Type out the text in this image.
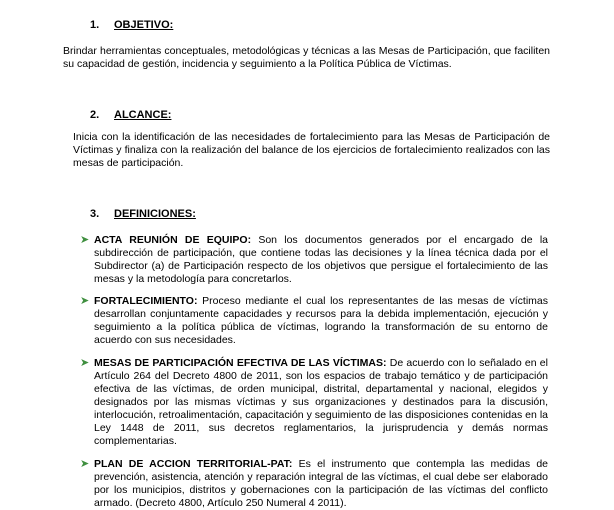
1. OBJETIVO:
Brindar herramientas conceptuales, metodológicas y técnicas a las Mesas de Participación, que faciliten su capacidad de gestión, incidencia y seguimiento a la Política Pública de Víctimas.
2. ALCANCE:
Inicia con la identificación de las necesidades de fortalecimiento para las Mesas de Participación de Víctimas y finaliza con la realización del balance de los ejercicios de fortalecimiento realizados con las mesas de participación.
3. DEFINICIONES:
➤ ACTA REUNIÓN DE EQUIPO: Son los documentos generados por el encargado de la subdirección de participación, que contiene todas las decisiones y la línea técnica dada por el Subdirector (a) de Participación respecto de los objetivos que persigue el fortalecimiento de las mesas y la metodología para concretarlos.
➤ FORTALECIMIENTO: Proceso mediante el cual los representantes de las mesas de víctimas desarrollan conjuntamente capacidades y recursos para la debida implementación, ejecución y seguimiento a la política pública de víctimas, logrando la transformación de su entorno de acuerdo con sus necesidades.
➤ MESAS DE PARTICIPACIÓN EFECTIVA DE LAS VÍCTIMAS: De acuerdo con lo señalado en el Artículo 264 del Decreto 4800 de 2011, son los espacios de trabajo temático y de participación efectiva de las víctimas, de orden municipal, distrital, departamental y nacional, elegidos y designados por las mismas víctimas y sus organizaciones y destinados para la discusión, interlocución, retroalimentación, capacitación y seguimiento de las disposiciones contenidas en la Ley 1448 de 2011, sus decretos reglamentarios, la jurisprudencia y demás normas complementarias.
➤ PLAN DE ACCION TERRITORIAL-PAT: Es el instrumento que contempla las medidas de prevención, asistencia, atención y reparación integral de las víctimas, el cual debe ser elaborado por los municipios, distritos y gobernaciones con la participación de las víctimas del conflicto armado. (Decreto 4800, Artículo 250 Numeral 4 2011).
